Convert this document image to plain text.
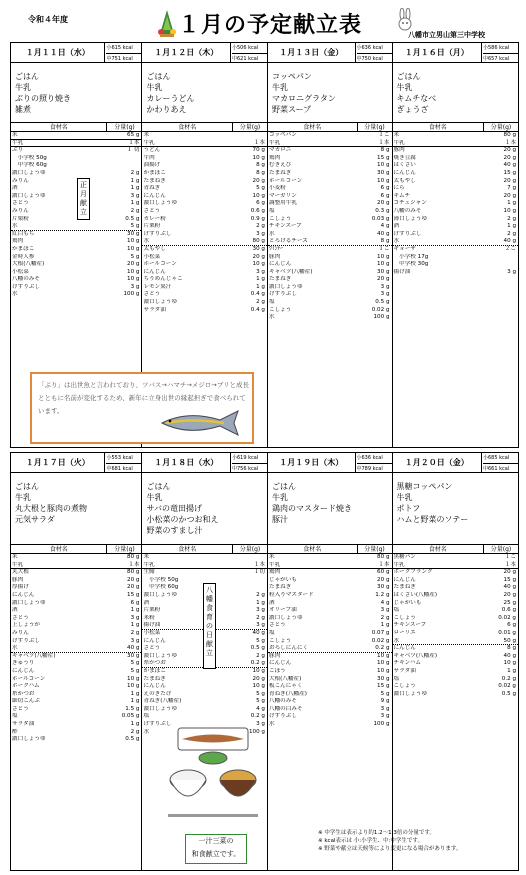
令和４年度	１月の予定献立表	八幡市立男山第三中学校
１月１１日（水）	小615 kcal
中751 kcal
ごはん
牛乳
ぶりの照り焼き
雑煮
食材名	分量(g)
米	65 g
牛乳	１本
ぶり	１ 切
　小学校 50g
　中学校 60g
濃口しょうゆ	2 g
みりん	1 g
酒	1 g
濃口しょうゆ	3 g
さとう	1 g
みりん	2 g
片栗粉	0.5 g
水	5 g
紅白もち	30 g
鶏肉	10 g
かまぼこ	10 g
金時人参	5 g
大根(八幡産)	20 g
小松菜	10 g
八幡のみそ	10 g
けずりぶし	3 g
水	100 g
１月１２日（木）	小506 kcal
中621 kcal
ごはん
牛乳
カレーうどん
かわりあえ
食材名	分量(g)
米
牛乳	１本
うどん	70 g
牛肉	10 g
油揚げ	8 g
かまぼこ	8 g
たまねぎ	20 g
青ねぎ	5 g
にんじん	10 g
濃口しょうゆ	6 g
さとう	0.6 g
カレー粉	0.9 g
片栗粉	2 g
けずりぶし	3 g
水	80 g
太もやし	30 g
小松菜	20 g
ホールコーン	10 g
にんじん	3 g
ちりめんじゃこ	1 g
レモン果汁	1 g
さとう	0.4 g
濃口しょうゆ	2 g
サラダ油	0.4 g
１月１３日（金）	小636 kcal
中750 kcal
コッペパン
牛乳
マカロニグラタン
野菜スープ
食材名	分量(g)
コッペパン	１こ
牛乳	１本
マカロニ	8 g
鶏肉	15 g
むきえび	10 g
たまねぎ	30 g
ホールコーン	10 g
小麦粉	6 g
マーガリン	6 g
調整用牛乳	20 g
塩	0.3 g
こしょう	0.03 g
チキンスープ	4 g
水	40 g
とろけるチーズ	8 g
ｳｲﾝﾅｰ	１こ
豚肉	10 g
にんじん	10 g
キャベツ(八幡産)	30 g
たまねぎ	20 g
濃口しょうゆ	3 g
けずりぶし	3 g
塩	0.5 g
こしょう	0.02 g
水	100 g
１月１６日（月）	小586 kcal
中657 kcal
ごはん
牛乳
キムチなべ
ぎょうざ
食材名	分量(g)
米	80 g
牛乳	１本
豚肉	20 g
焼き豆腐	20 g
はくさい	40 g
にんじん	15 g
太もやし	20 g
にら	7 g
キムチ	20 g
コチュジャン	1 g
八幡のみそ	10 g
薄口しょうゆ	2 g
酒	1 g
けずりぶし	2 g
水	40 g
ギョーザ	２こ
　小学校 17g
　中学校 30g
揚げ油	3 g
１月１７日（火）	小553 kcal
中681 kcal
ごはん
牛乳
丸大根と豚肉の煮物
元気サラダ
食材名	分量(g)
米	80 g
牛乳	１本
丸大根	80 g
豚肉	20 g
厚揚げ	20 g
にんじん	15 g
濃口しょうゆ	6 g
酒	1 g
さとう	3 g
上しょうが	1 g
みりん	2 g
けずりぶし	3 g
水	40 g
キャベツ(八幡産)	30 g
きゅうり	5 g
にんじん	5 g
ホールコーン	10 g
ボークハム	10 g
糸かつお	1 g
細切こんぶ	1 g
さとう	1.5 g
塩	0.05 g
サラダ油	1 g
酢	2 g
濃口しょうゆ	0.5 g
１月１８日（水）	小619 kcal
中756 kcal
ごはん
牛乳
サバの竜田揚げ
小松菜のかつお和え
野菜のすまし汁
食材名	分量(g)
米
牛乳	１本
生鯖	１切
　小学校 50g
　中学校 60g
濃口しょうゆ	2 g
酒	1 g
片栗粉	3 g
米粉	2 g
揚げ油	3 g
小松菜	40 g
にんじん	5 g
さとう	0.5 g
濃口しょうゆ	2 g
糸かつお	0.2 g
かまぼこ	10 g
たまねぎ	20 g
にんじん	10 g
えのきたけ	5 g
青ねぎ(八幡産)	5 g
濃口しょうゆ	4 g
塩	0.2 g
けずりぶし	3 g
水	100 g
１月１９日（木）	小636 kcal
中789 kcal
ごはん
牛乳
鶏肉のマスタード焼き
豚汁
食材名	分量(g)
米	80 g
牛乳	１本
鶏肉	60 g
じゃがいも	20 g
たまねぎ	30 g
粒入りマスタード	1.2 g
酒	4 g
オリーブ油	3 g
濃口しょうゆ	2 g
さとう	1 g
塩	0.07 g
こしょう	0.02 g
おろしにんにく	0.2 g
豚肉	10 g
にんじん	10 g
ごぼう	10 g
大根(八幡産)	30 g
板こんにゃく	15 g
青ねぎ(八幡産)	5 g
八幡のみそ	9 g
八幡の白みそ	3 g
けずりぶし	3 g
水	100 g
１月２０日（金）	小685 kcal
中661 kcal
黒糖コッペパン
牛乳
ポトフ
ハムと野菜のソテー
食材名	分量(g)
黒糖パン	１こ
牛乳	１本
ボークフランク	20 g
にんじん	15 g
たまねぎ	40 g
はくさい(八幡産)	20 g
じゃがいも	25 g
塩	0.6 g
こしょう	0.02 g
チキンスープ	6 g
ローリエ	0.01 g
水	50 g
にんじん	8 g
キャベツ(八幡産)	40 g
チキンハム	10 g
サラダ油	1 g
塩	0.2 g
こしょう	0.02 g
濃口しょうゆ	0.5 g
正月献立
八幡食育の日献立
「ぶり」は出世魚と言われており、ツバス→ハマチ→メジロ→ブリと成長とともに名前が変化するため、新年に立身出世の縁起担ぎで食べられています。
一汁三菜の
和食献立です。
※ 中学生は表示より約1.2～1.3倍の分量です。
※ kcal表示は 小:小学生、中:中学生です。
※ 野菜や献立は天候等により変更になる場合があります。
